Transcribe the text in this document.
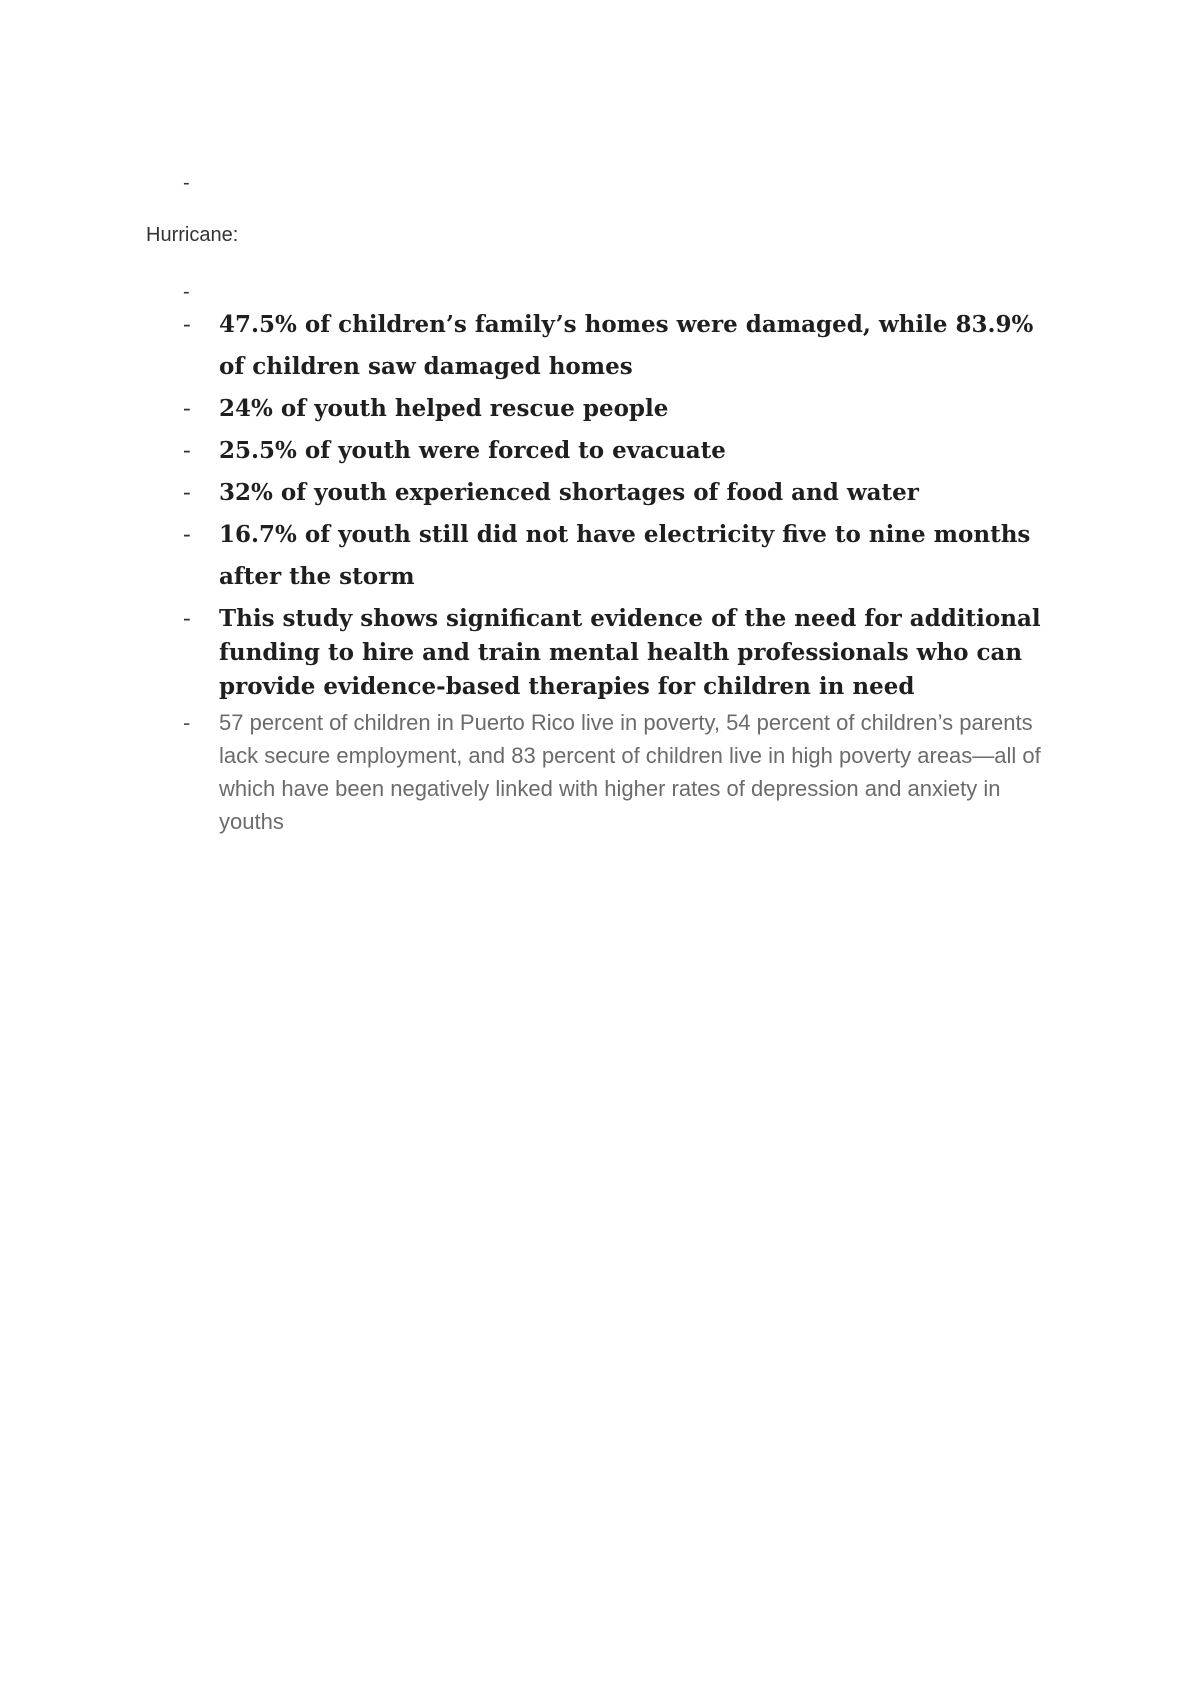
-
Hurricane:
-
-	47.5% of children’s family’s homes were damaged, while 83.9% of children saw damaged homes
-	24% of youth helped rescue people
-	25.5% of youth were forced to evacuate
-	32% of youth experienced shortages of food and water
-	16.7% of youth still did not have electricity five to nine months after the storm
-	This study shows significant evidence of the need for additional funding to hire and train mental health professionals who can provide evidence-based therapies for children in need
-	57 percent of children in Puerto Rico live in poverty, 54 percent of children’s parents lack secure employment, and 83 percent of children live in high poverty areas—all of which have been negatively linked with higher rates of depression and anxiety in youths
